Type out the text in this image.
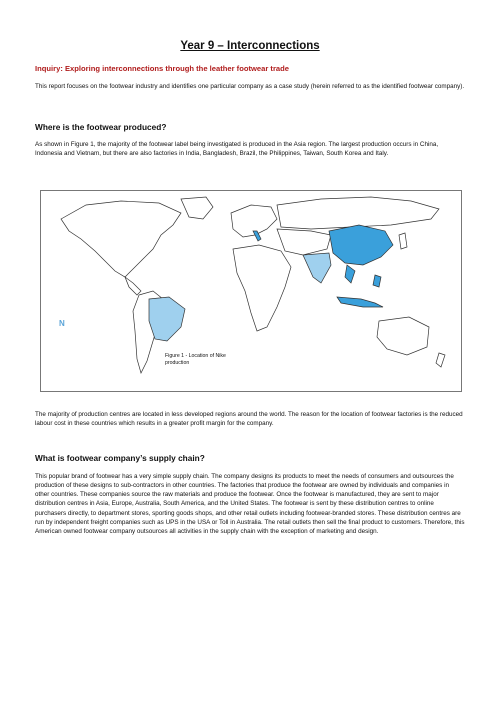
Year 9 – Interconnections
Inquiry: Exploring interconnections through the leather footwear trade
This report focuses on the footwear industry and identifies one particular company as a case study (herein referred to as the identified footwear company).
Where is the footwear produced?
As shown in Figure 1, the majority of the footwear label being investigated is produced in the Asia region. The largest production occurs in China, Indonesia and Vietnam, but there are also factories in India, Bangladesh, Brazil, the Philippines, Taiwan, South Korea and Italy.
N
Figure 1 - Location of Nike production
The majority of production centres are located in less developed regions around the world. The reason for the location of footwear factories is the reduced labour cost in these countries which results in a greater profit margin for the company.
What is footwear company’s supply chain?
This popular brand of footwear has a very simple supply chain. The company designs its products to meet the needs of consumers and outsources the production of these designs to sub-contractors in other countries. The factories that produce the footwear are owned by individuals and companies in other countries. These companies source the raw materials and produce the footwear. Once the footwear is manufactured, they are sent to major distribution centres in Asia, Europe, Australia, South America, and the United States. The footwear is sent by these distribution centres to online purchasers directly, to department stores, sporting goods shops, and other retail outlets including footwear-branded stores. These distribution centres are run by independent freight companies such as UPS in the USA or Toll in Australia. The retail outlets then sell the final product to customers. Therefore, this American owned footwear company outsources all activities in the supply chain with the exception of marketing and design.
